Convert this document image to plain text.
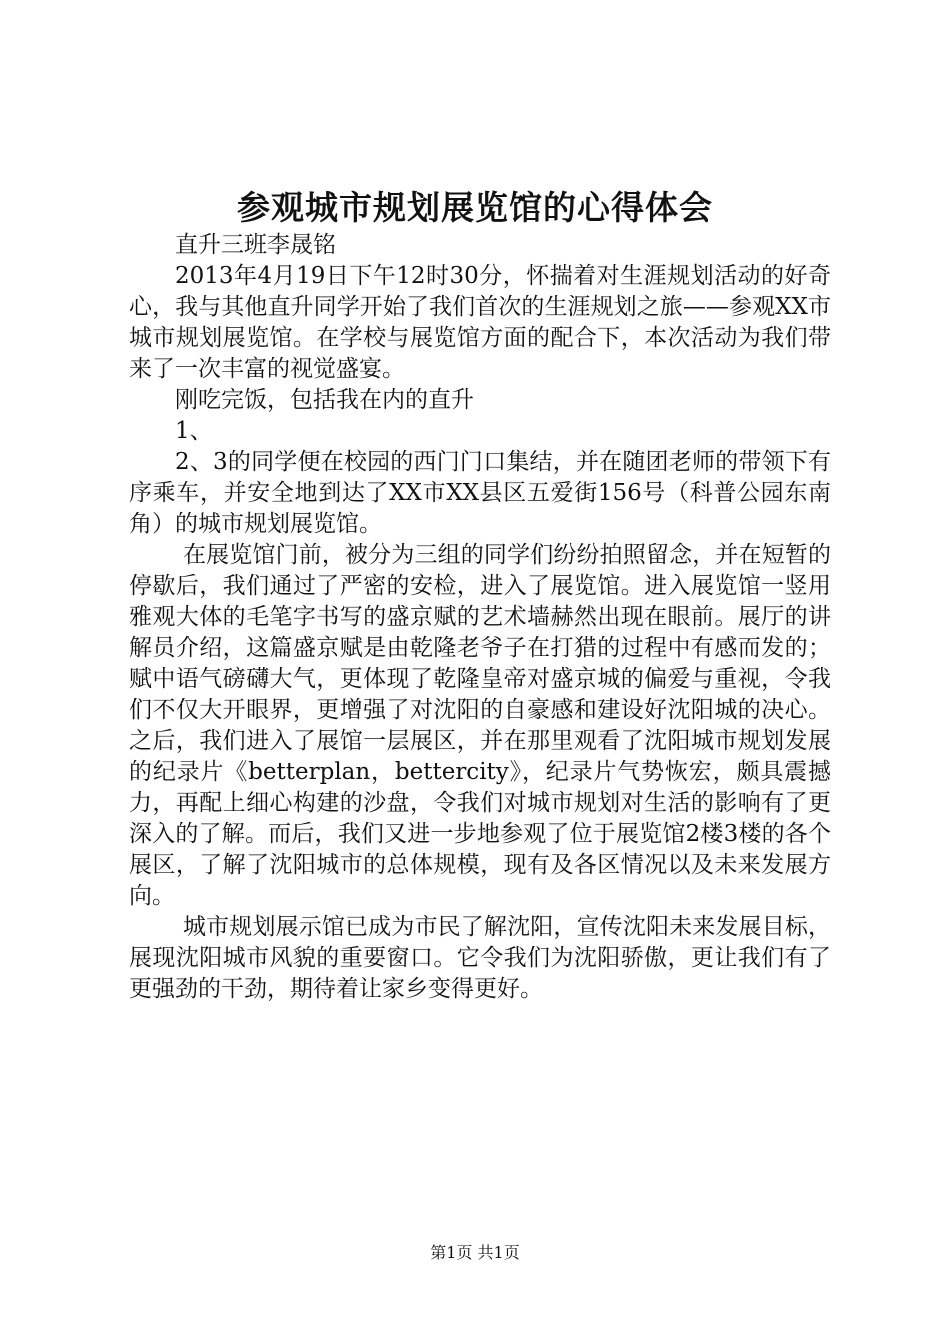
参观城市规划展览馆的心得体会

直升三班李晟铭

2013年4月19日下午12时30分，怀揣着对生涯规划活动的好奇心，我与其他直升同学开始了我们首次的生涯规划之旅——参观XX市城市规划展览馆。在学校与展览馆方面的配合下，本次活动为我们带来了一次丰富的视觉盛宴。

刚吃完饭，包括我在内的直升

1、

2、3的同学便在校园的西门门口集结，并在随团老师的带领下有序乘车，并安全地到达了XX市XX县区五爱街156号（科普公园东南角）的城市规划展览馆。

在展览馆门前，被分为三组的同学们纷纷拍照留念，并在短暂的停歇后，我们通过了严密的安检，进入了展览馆。进入展览馆一竖用雅观大体的毛笔字书写的盛京赋的艺术墙赫然出现在眼前。展厅的讲解员介绍，这篇盛京赋是由乾隆老爷子在打猎的过程中有感而发的；赋中语气磅礴大气，更体现了乾隆皇帝对盛京城的偏爱与重视，令我们不仅大开眼界，更增强了对沈阳的自豪感和建设好沈阳城的决心。之后，我们进入了展馆一层展区，并在那里观看了沈阳城市规划发展的纪录片《betterplan，bettercity》，纪录片气势恢宏，颇具震撼力，再配上细心构建的沙盘，令我们对城市规划对生活的影响有了更深入的了解。而后，我们又进一步地参观了位于展览馆2楼3楼的各个展区，了解了沈阳城市的总体规模，现有及各区情况以及未来发展方向。

城市规划展示馆已成为市民了解沈阳，宣传沈阳未来发展目标，展现沈阳城市风貌的重要窗口。它令我们为沈阳骄傲，更让我们有了更强劲的干劲，期待着让家乡变得更好。

第1页 共1页
